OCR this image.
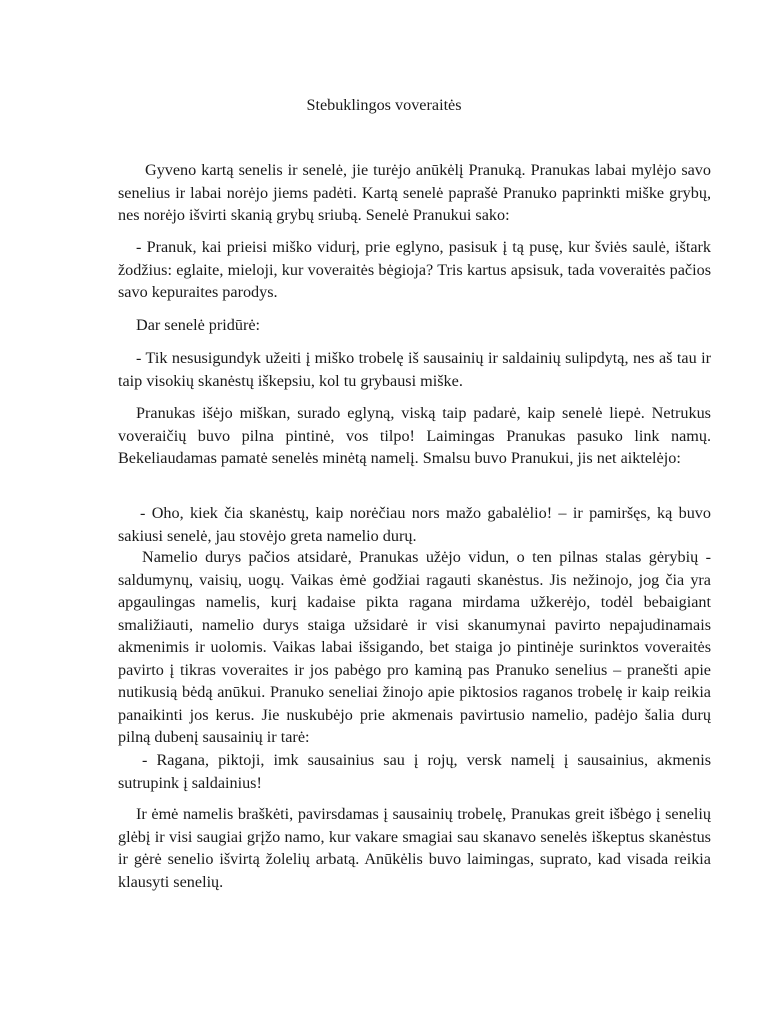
Stebuklingos voveraitės

Gyveno kartą senelis ir senelė, jie turėjo anūkėlį Pranuką. Pranukas labai mylėjo savo senelius ir labai norėjo jiems padėti. Kartą senelė paprašė Pranuko paprinkti miške grybų, nes norėjo išvirti skanią grybų sriubą. Senelė Pranukui sako:

- Pranuk, kai prieisi miško vidurį, prie eglyno, pasisuk į tą pusę, kur šviės saulė, ištark žodžius: eglaite, mieloji, kur voveraitės bėgioja? Tris kartus apsisuk, tada voveraitės pačios savo kepuraites parodys.

Dar senelė pridūrė:

- Tik nesusigundyk užeiti į miško trobelę iš sausainių ir saldainių sulipdytą, nes aš tau ir taip visokių skanėstų iškepsiu, kol tu grybausi miške.

Pranukas išėjo miškan, surado eglyną, viską taip padarė, kaip senelė liepė. Netrukus voveraičių buvo pilna pintinė, vos tilpo! Laimingas Pranukas pasuko link namų. Bekeliaudamas pamatė senelės minėtą namelį. Smalsu buvo Pranukui, jis net aiktelėjo:

- Oho, kiek čia skanėstų, kaip norėčiau nors mažo gabalėlio! – ir pamiršęs, ką buvo sakiusi senelė, jau stovėjo greta namelio durų.

Namelio durys pačios atsidarė, Pranukas užėjo vidun, o ten pilnas stalas gėrybių - saldumynų, vaisių, uogų. Vaikas ėmė godžiai ragauti skanėstus. Jis nežinojo, jog čia yra apgaulingas namelis, kurį kadaise pikta ragana mirdama užkerėjo, todėl bebaigiant smaližiauti, namelio durys staiga užsidarė ir visi skanumynai pavirto nepajudinamais akmenimis ir uolomis. Vaikas labai išsigando, bet staiga jo pintinėje surinktos voveraitės pavirto į tikras voveraites ir jos pabėgo pro kaminą pas Pranuko senelius – pranešti apie nutikusią bėdą anūkui. Pranuko seneliai žinojo apie piktosios raganos trobelę ir kaip reikia panaikinti jos kerus. Jie nuskubėjo prie akmenais pavirtusio namelio, padėjo šalia durų pilną dubenį sausainių ir tarė:

- Ragana, piktoji, imk sausainius sau į rojų, versk namelį į sausainius, akmenis sutrupink į saldainius!

Ir ėmė namelis braškėti, pavirsdamas į sausainių trobelę, Pranukas greit išbėgo į senelių glėbį ir visi saugiai grįžo namo, kur vakare smagiai sau skanavo senelės iškeptus skanėstus ir gėrė senelio išvirtą žolelių arbatą. Anūkėlis buvo laimingas, suprato, kad visada reikia klausyti senelių.
